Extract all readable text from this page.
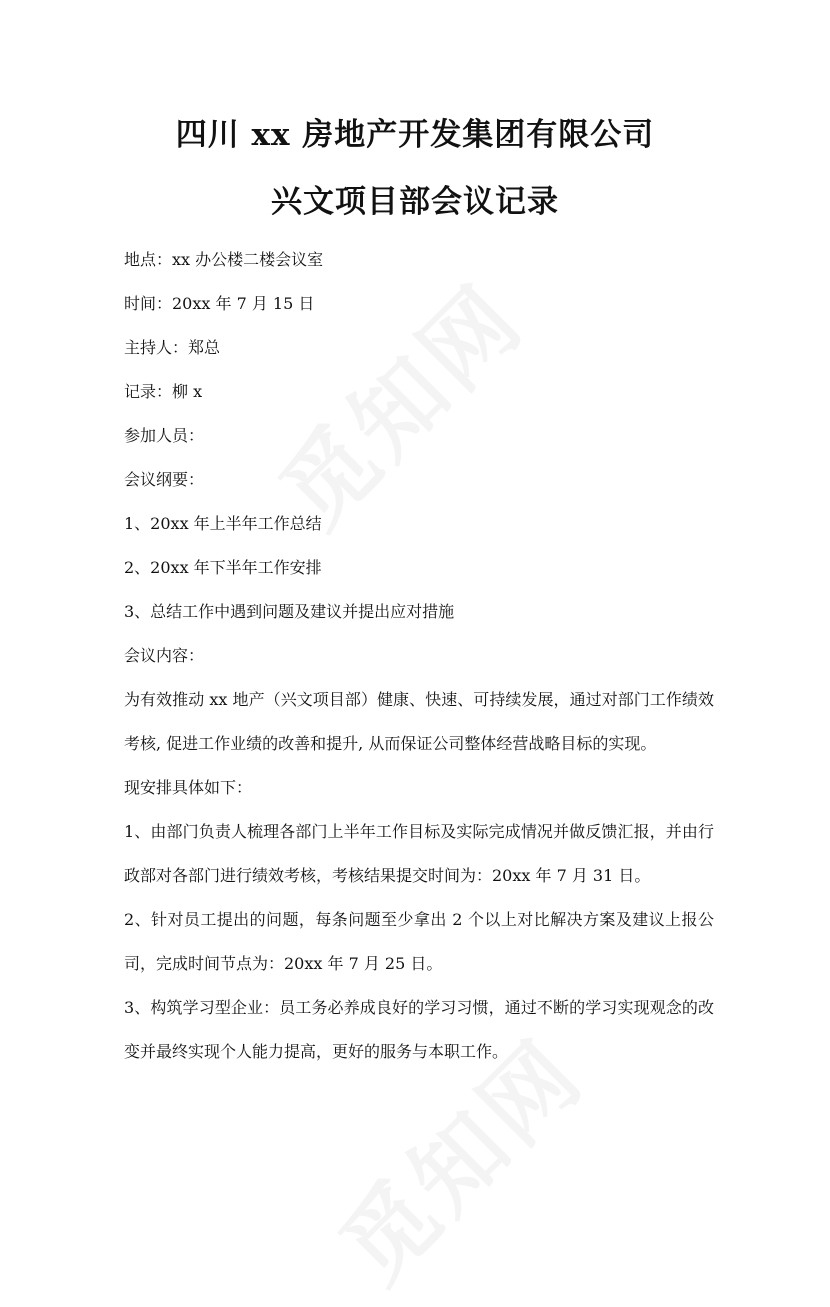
四川 xx 房地产开发集团有限公司
兴文项目部会议记录
地点：xx 办公楼二楼会议室
时间：20xx 年 7 月 15 日
主持人：郑总
记录：柳 x
参加人员：
会议纲要：
1、20xx 年上半年工作总结
2、20xx 年下半年工作安排
3、总结工作中遇到问题及建议并提出应对措施
会议内容：
为有效推动 xx 地产（兴文项目部）健康、快速、可持续发展，通过对部门工作绩效考核, 促进工作业绩的改善和提升, 从而保证公司整体经营战略目标的实现。
现安排具体如下：
1、由部门负责人梳理各部门上半年工作目标及实际完成情况并做反馈汇报，并由行政部对各部门进行绩效考核，考核结果提交时间为：20xx 年 7 月 31 日。
2、针对员工提出的问题，每条问题至少拿出 2 个以上对比解决方案及建议上报公司，完成时间节点为：20xx 年 7 月 25 日。
3、构筑学习型企业：员工务必养成良好的学习习惯，通过不断的学习实现观念的改变并最终实现个人能力提高，更好的服务与本职工作。
